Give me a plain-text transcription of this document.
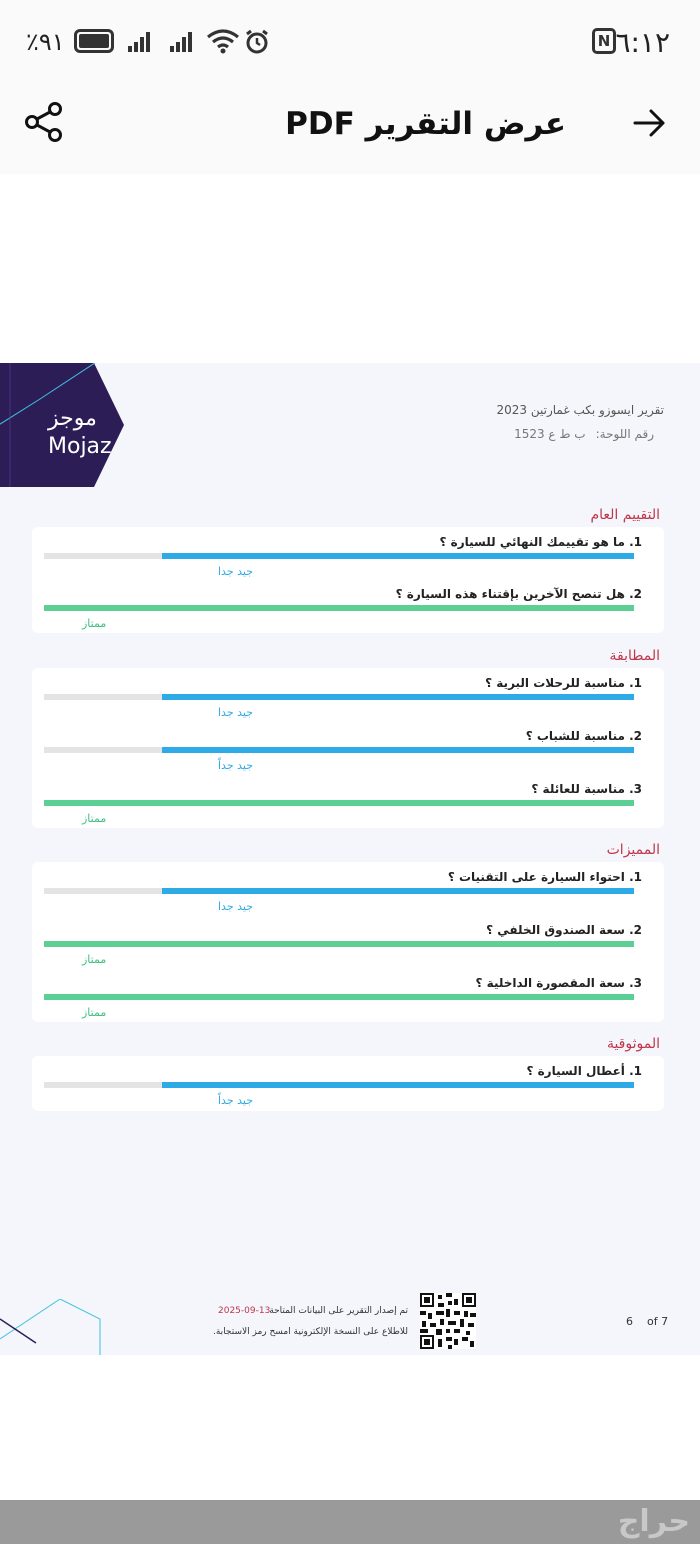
٪٩١	N ٦:١٢
عرض التقرير PDF
موجز
Mojaz
تقرير ايسوزو بكب غمارتين 2023
رقم اللوحة:ب ط ع 1523
التقييم العام
1. ما هو تقييمك النهائي للسيارة ؟
جيد جدا
2. هل تنصح الآخرين بإقتناء هذه السيارة ؟
ممتاز
المطابقة
1. مناسبة للرحلات البرية ؟
جيد جدا
2. مناسبة للشباب ؟
جيد جداً
3. مناسبة للعائلة ؟
ممتاز
المميزات
1. احتواء السيارة على التقنيات ؟
جيد جدا
2. سعة الصندوق الخلفي ؟
ممتاز
3. سعة المقصورة الداخلية ؟
ممتاز
الموثوقية
1. أعطال السيارة ؟
جيد جداً
تم إصدار التقرير على البيانات المتاحة
2025-09-13
للاطلاع على النسخة الإلكترونية امسح رمز الاستجابة.
6 of 7
حراج
